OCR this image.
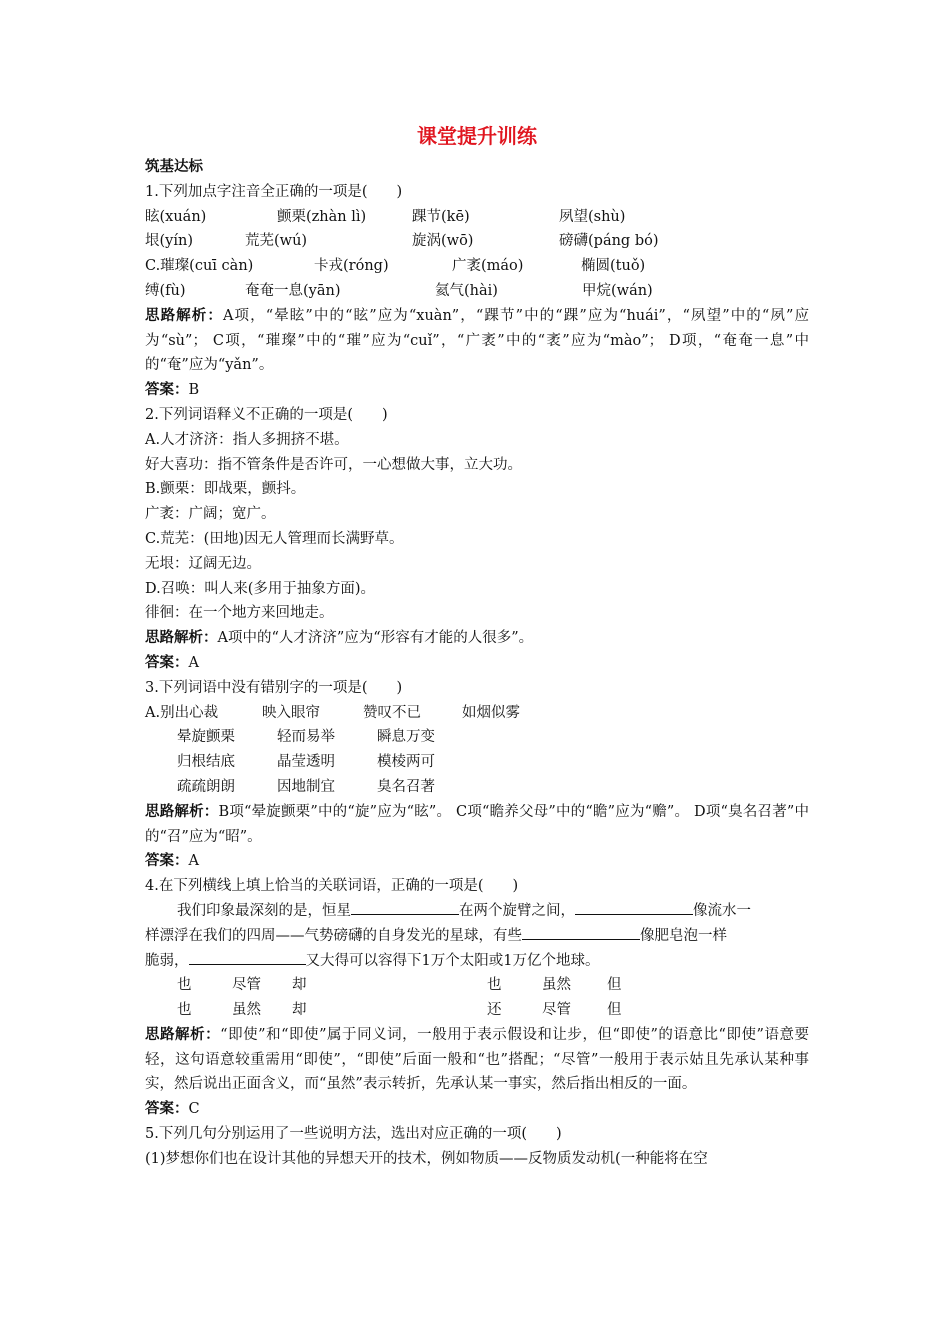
课堂提升训练
筑基达标
1.下列加点字注音全正确的一项是(　　)
眩(xuán)	颤栗(zhàn lì)	踝节(kē)	夙望(shù)
垠(yín)	荒芜(wú)	旋涡(wō)	磅礴(páng bó)
C.璀璨(cuī càn)	卡戎(róng)	广袤(máo)	椭圆(tuǒ)
缚(fù)	奄奄一息(yān)	氦气(hài)	甲烷(wán)
思路解析：A项，“晕眩”中的“眩”应为“xuàn”，“踝节”中的“踝”应为“huái”，“夙望”中的“夙”应为“sù”； C项，“璀璨”中的“璀”应为“cuǐ”，“广袤”中的“袤”应为“mào”； D项，“奄奄一息”中的“奄”应为“yǎn”。
答案：B
2.下列词语释义不正确的一项是(　　)
A.人才济济：指人多拥挤不堪。
好大喜功：指不管条件是否许可，一心想做大事，立大功。
B.颤栗：即战栗，颤抖。
广袤：广阔；宽广。
C.荒芜：(田地)因无人管理而长满野草。
无垠：辽阔无边。
D.召唤：叫人来(多用于抽象方面)。
徘徊：在一个地方来回地走。
思路解析：A项中的“人才济济”应为“形容有才能的人很多”。
答案：A
3.下列词语中没有错别字的一项是(　　)
A.别出心裁	映入眼帘	赞叹不已	如烟似雾
晕旋颤栗	轻而易举	瞬息万变
归根结底	晶莹透明	模棱两可
疏疏朗朗	因地制宜	臭名召著
思路解析：B项“晕旋颤栗”中的“旋”应为“眩”。 C项“瞻养父母”中的“瞻”应为“赡”。 D项“臭名召著”中的“召”应为“昭”。
答案：A
4.在下列横线上填上恰当的关联词语，正确的一项是(　　)
我们印象最深刻的是，恒星	在两个旋臂之间，	像流水一
样漂浮在我们的四周——气势磅礴的自身发光的星球，有些	像肥皂泡一样
脆弱，	又大得可以容得下1万个太阳或1万亿个地球。
也	尽管 却	也	虽然 但
也	虽然 却	还	尽管 但
思路解析：“即使”和“即使”属于同义词，一般用于表示假设和让步，但“即使”的语意比“即使”语意要轻，这句语意较重需用“即使”，“即使”后面一般和“也”搭配；“尽管”一般用于表示姑且先承认某种事实，然后说出正面含义，而“虽然”表示转折，先承认某一事实，然后指出相反的一面。
答案：C
5.下列几句分别运用了一些说明方法，选出对应正确的一项(　　)
(1)梦想你们也在设计其他的异想天开的技术，例如物质——反物质发动机(一种能将在空
